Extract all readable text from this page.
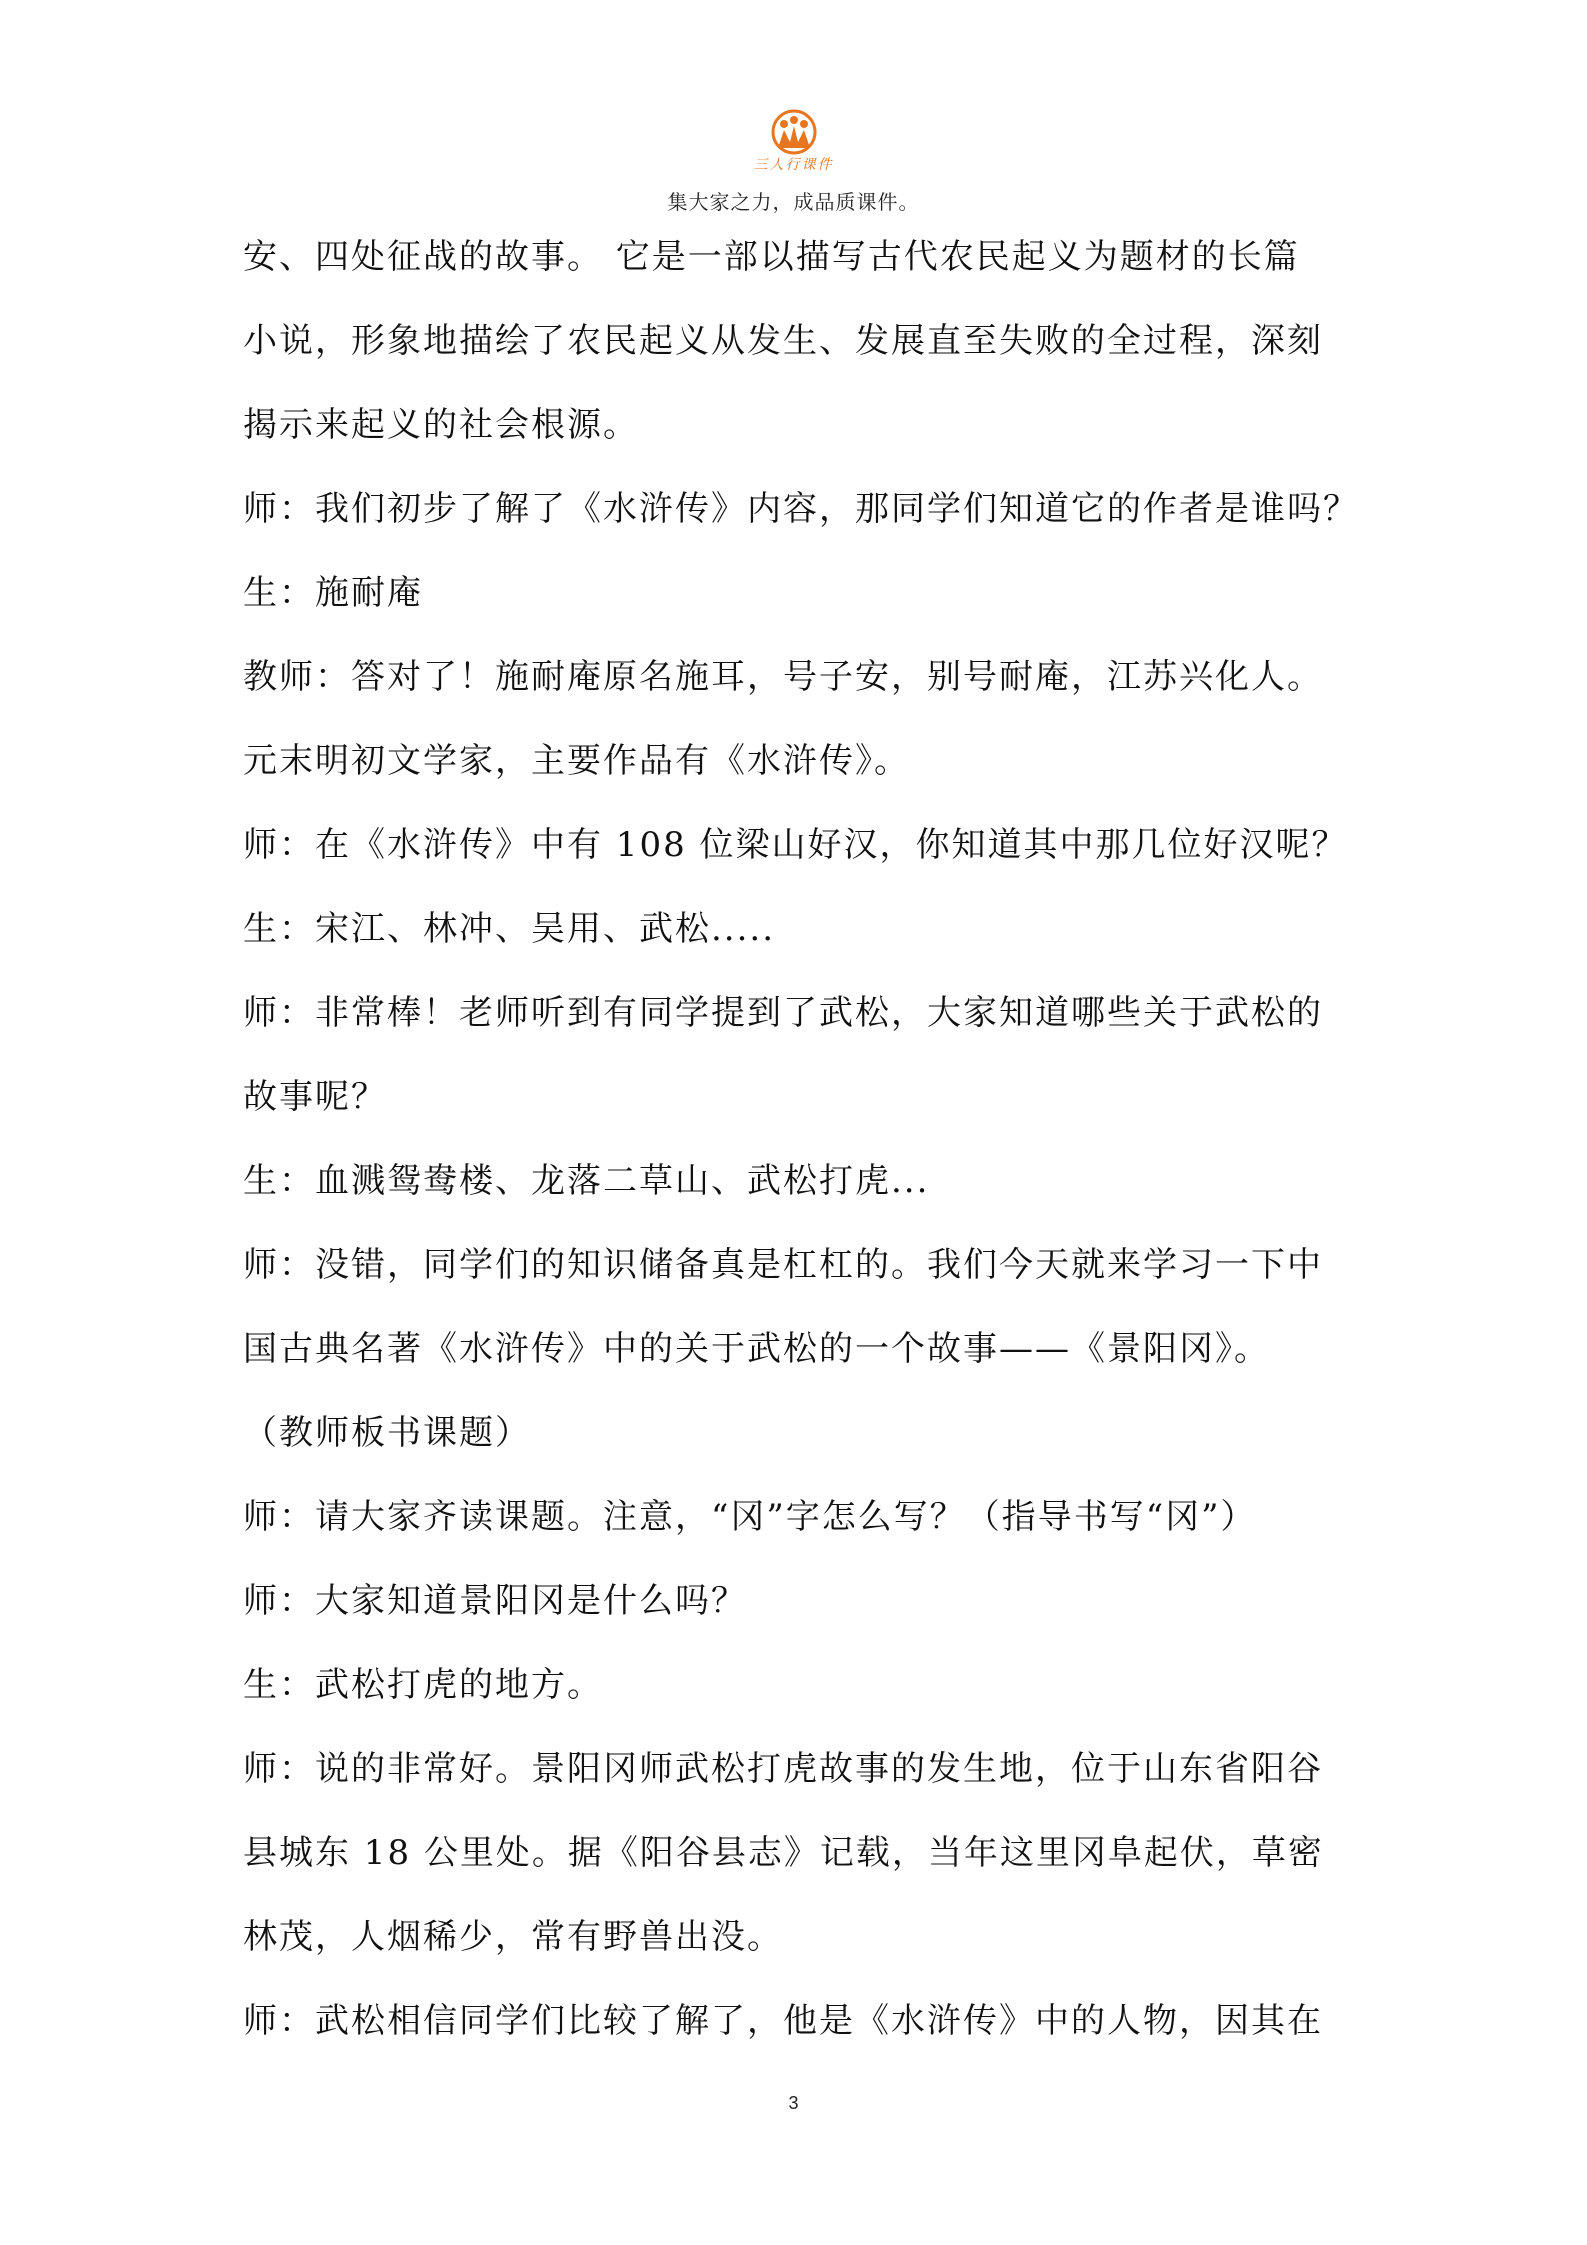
三人行课件
集大家之力，成品质课件。
安、四处征战的故事。 它是一部以描写古代农民起义为题材的长篇
小说，形象地描绘了农民起义从发生、发展直至失败的全过程，深刻
揭示来起义的社会根源。
师：我们初步了解了《水浒传》内容，那同学们知道它的作者是谁吗？
生：施耐庵
教师：答对了！施耐庵原名施耳，号子安，别号耐庵，江苏兴化人。
元末明初文学家，主要作品有《水浒传》。
师：在《水浒传》中有 108 位梁山好汉，你知道其中那几位好汉呢？
生：宋江、林冲、吴用、武松.....
师：非常棒！老师听到有同学提到了武松，大家知道哪些关于武松的
故事呢？
生：血溅鸳鸯楼、龙落二草山、武松打虎...
师：没错，同学们的知识储备真是杠杠的。我们今天就来学习一下中
国古典名著《水浒传》中的关于武松的一个故事——《景阳冈》。
（教师板书课题）
师：请大家齐读课题。注意，“冈”字怎么写？（指导书写“冈”）
师：大家知道景阳冈是什么吗？
生：武松打虎的地方。
师：说的非常好。景阳冈师武松打虎故事的发生地，位于山东省阳谷
县城东 18 公里处。据《阳谷县志》记载，当年这里冈阜起伏，草密
林茂，人烟稀少，常有野兽出没。
师：武松相信同学们比较了解了，他是《水浒传》中的人物，因其在
3
